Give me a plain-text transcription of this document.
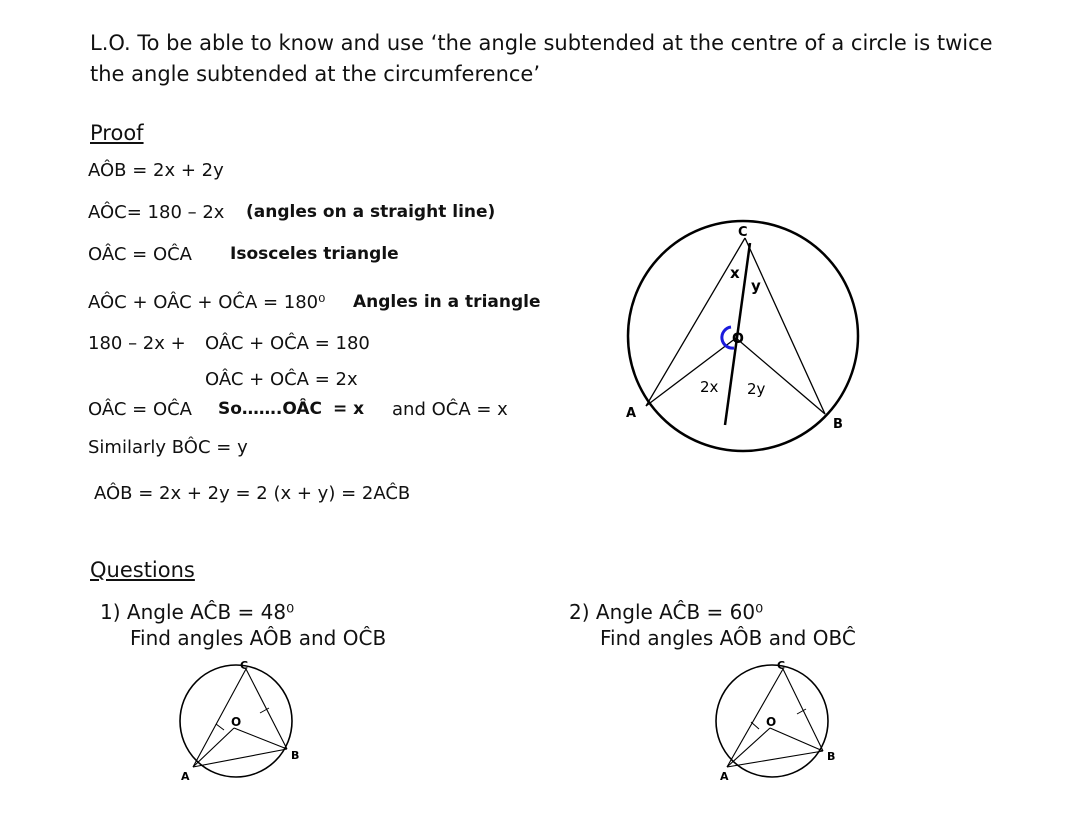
L.O. To be able to know and use ‘the angle subtended at the centre of a circle is twice
the angle subtended at the circumference’
Proof
AÔB = 2x + 2y
AÔC= 180 – 2x (angles on a straight line)
OÂC = OĈA Isosceles triangle
AÔC + OÂC + OĈA = 180⁰ Angles in a triangle
180 – 2x + OÂC + OĈA = 180
OÂC + OĈA = 2x
OÂC = OĈA So…….OÂC = x and OĈA = x
Similarly BÔC = y
AÔB = 2x + 2y = 2 (x + y) = 2AĈB
C
A
B
O
x
y
2x 2y
Questions
1) Angle AĈB = 48⁰
Find angles AÔB and OĈB
2) Angle AĈB = 60⁰
Find angles AÔB and OBĈ
C
A
B
O
C
A
B
O
